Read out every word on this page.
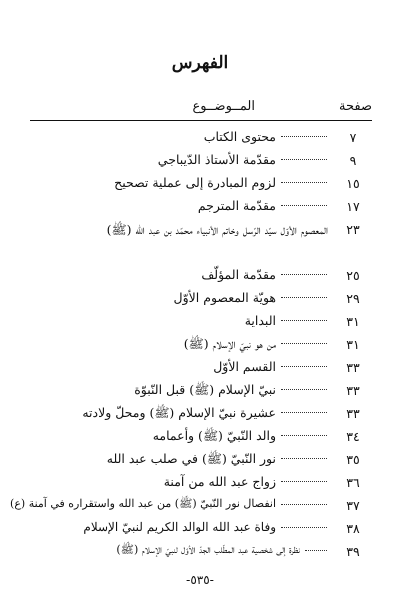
الفهرس
صفحة
المــوضــوع
٧
محتوى الكتاب
٩
مقدّمة الأستاذ الدّيباجي
١٥
لزوم المبادرة إلى عملية تصحيح
١٧
مقدّمة المترجم
٢٣
المعصوم الأوّل سيّد الرّسل وخاتم الأنبياء محمّد بن عبد الله (ﷺ)
٢٥
مقدّمة المؤلّف
٢٩
هويّة المعصوم الأوّل
٣١
البداية
٣١
من هو نبيّ الإسلام (ﷺ)
٣٣
القسم الأوّل
٣٣
نبيّ الإسلام (ﷺ) قبل النّبوّة
٣٣
عشيرة نبيّ الإسلام (ﷺ) ومحلّ ولادته
٣٤
والد النّبيّ (ﷺ) وأعمامه
٣٥
نور النّبيّ (ﷺ) في صلب عبد الله
٣٦
زواج عبد الله من آمنة
٣٧
انفصال نور النّبيّ (ﷺ) من عبد الله واستقراره في آمنة (ع)
٣٨
وفاة عبد الله الوالد الكريم لنبيّ الإسلام
٣٩
نظرة إلى شخصية عبد المطّلب الجدّ الأوّل لنبيّ الإسلام (ﷺ)
-٥٣٥-
